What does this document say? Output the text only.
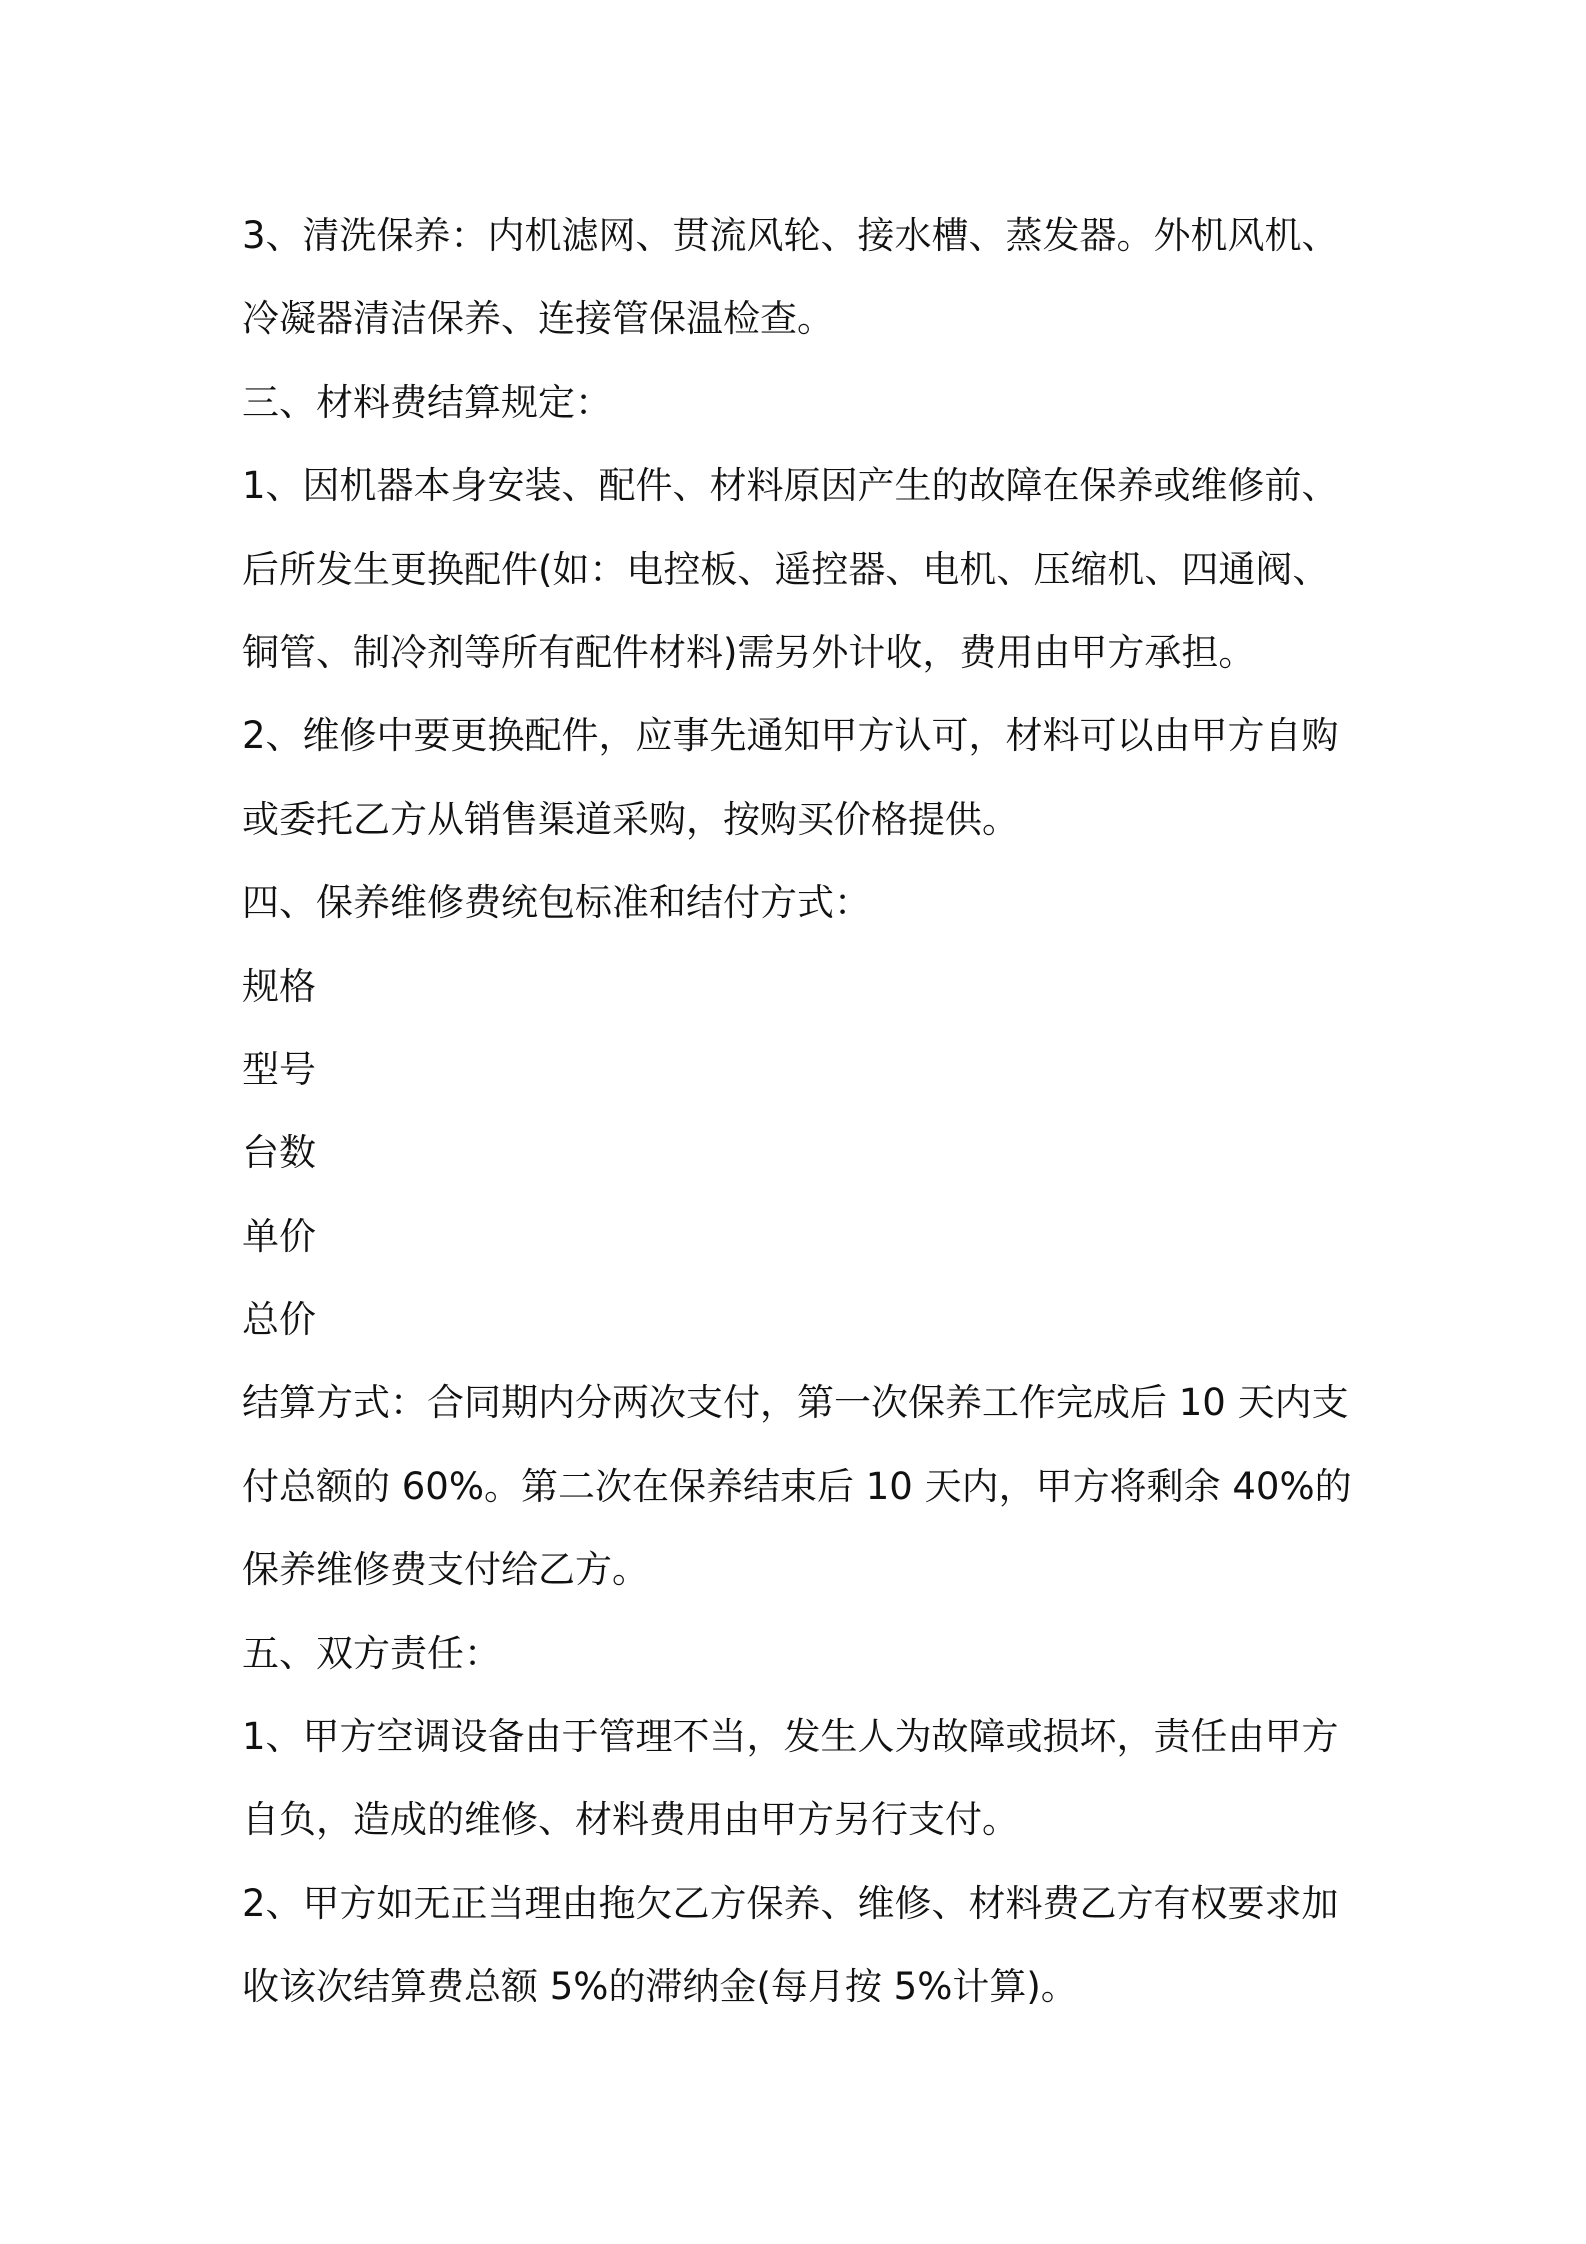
3、清洗保养：内机滤网、贯流风轮、接水槽、蒸发器。外机风机、
冷凝器清洁保养、连接管保温检查。
三、材料费结算规定：
1、因机器本身安装、配件、材料原因产生的故障在保养或维修前、
后所发生更换配件(如：电控板、遥控器、电机、压缩机、四通阀、
铜管、制冷剂等所有配件材料)需另外计收，费用由甲方承担。
2、维修中要更换配件，应事先通知甲方认可，材料可以由甲方自购
或委托乙方从销售渠道采购，按购买价格提供。
四、保养维修费统包标准和结付方式：
规格
型号
台数
单价
总价
结算方式：合同期内分两次支付，第一次保养工作完成后 10 天内支
付总额的 60%。第二次在保养结束后 10 天内，甲方将剩余 40%的
保养维修费支付给乙方。
五、双方责任：
1、甲方空调设备由于管理不当，发生人为故障或损坏，责任由甲方
自负，造成的维修、材料费用由甲方另行支付。
2、甲方如无正当理由拖欠乙方保养、维修、材料费乙方有权要求加
收该次结算费总额 5%的滞纳金(每月按 5%计算)。
